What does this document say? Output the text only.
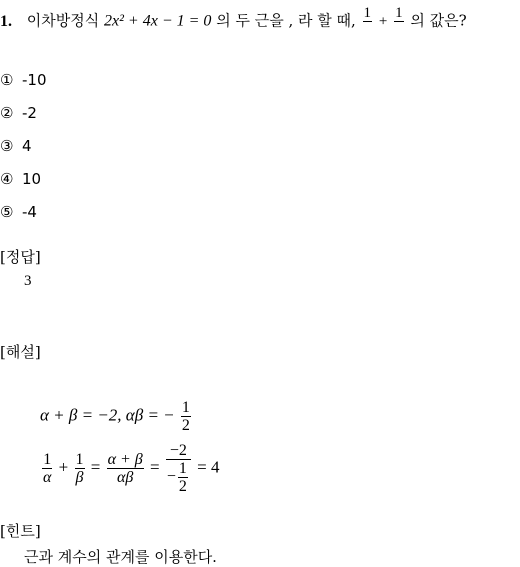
1. 이차방정식 2x² + 4x − 1 = 0 의 두 근을 , 라 할 때, 1

+
1
의 값은?
① -10
② -2
③ 4
④ 10
⑤ -4
[정답]
3
[해설]
α + β = −2, αβ = − $\frac{1}{2}$
$\frac{1}{\alpha} + \frac{1}{\beta} = \frac{\alpha + \beta}{\alpha\beta} = \frac{-2}{- \frac{1}{2}} = 4$
[힌트]
근과 계수의 관계를 이용한다.
